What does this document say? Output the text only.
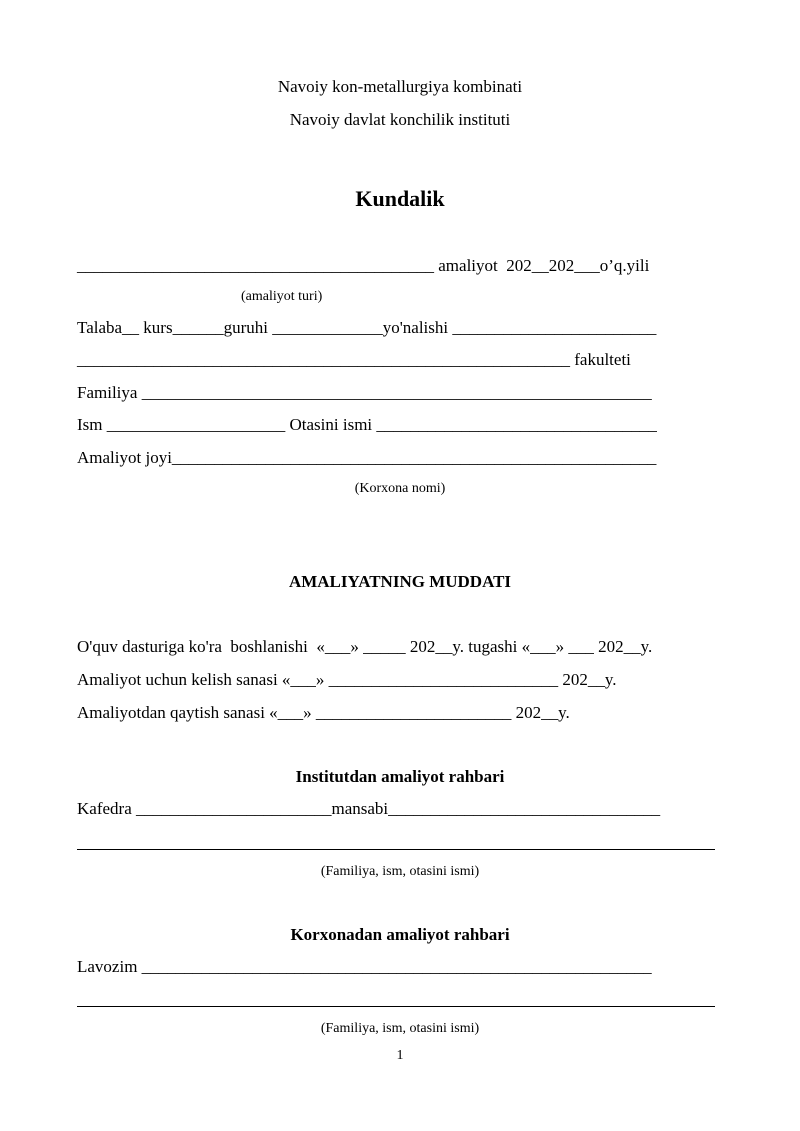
Navoiy kon-metallurgiya kombinati
Navoiy davlat konchilik instituti
Kundalik
__________________________________________ amaliyot  202__202___o’q.yili
(amaliyot turi)
Talaba__ kurs______guruhi _____________yo'nalishi ________________________
__________________________________________________________ fakulteti
Familiya ____________________________________________________________
Ism _____________________ Otasini ismi _________________________________
Amaliyot joyi_________________________________________________________
(Korxona nomi)
AMALIYATNING MUDDATI
O'quv dasturiga ko'ra  boshlanishi  «___» _____ 202__y. tugashi «___» ___ 202__y.
Amaliyot uchun kelish sanasi «___» ___________________________ 202__y.
Amaliyotdan qaytish sanasi «___» _______________________ 202__y.
Institutdan amaliyot rahbari
Kafedra _______________________mansabi________________________________
(Familiya, ism, otasini ismi)
Korxonadan amaliyot rahbari
Lavozim ____________________________________________________________
(Familiya, ism, otasini ismi)
1
